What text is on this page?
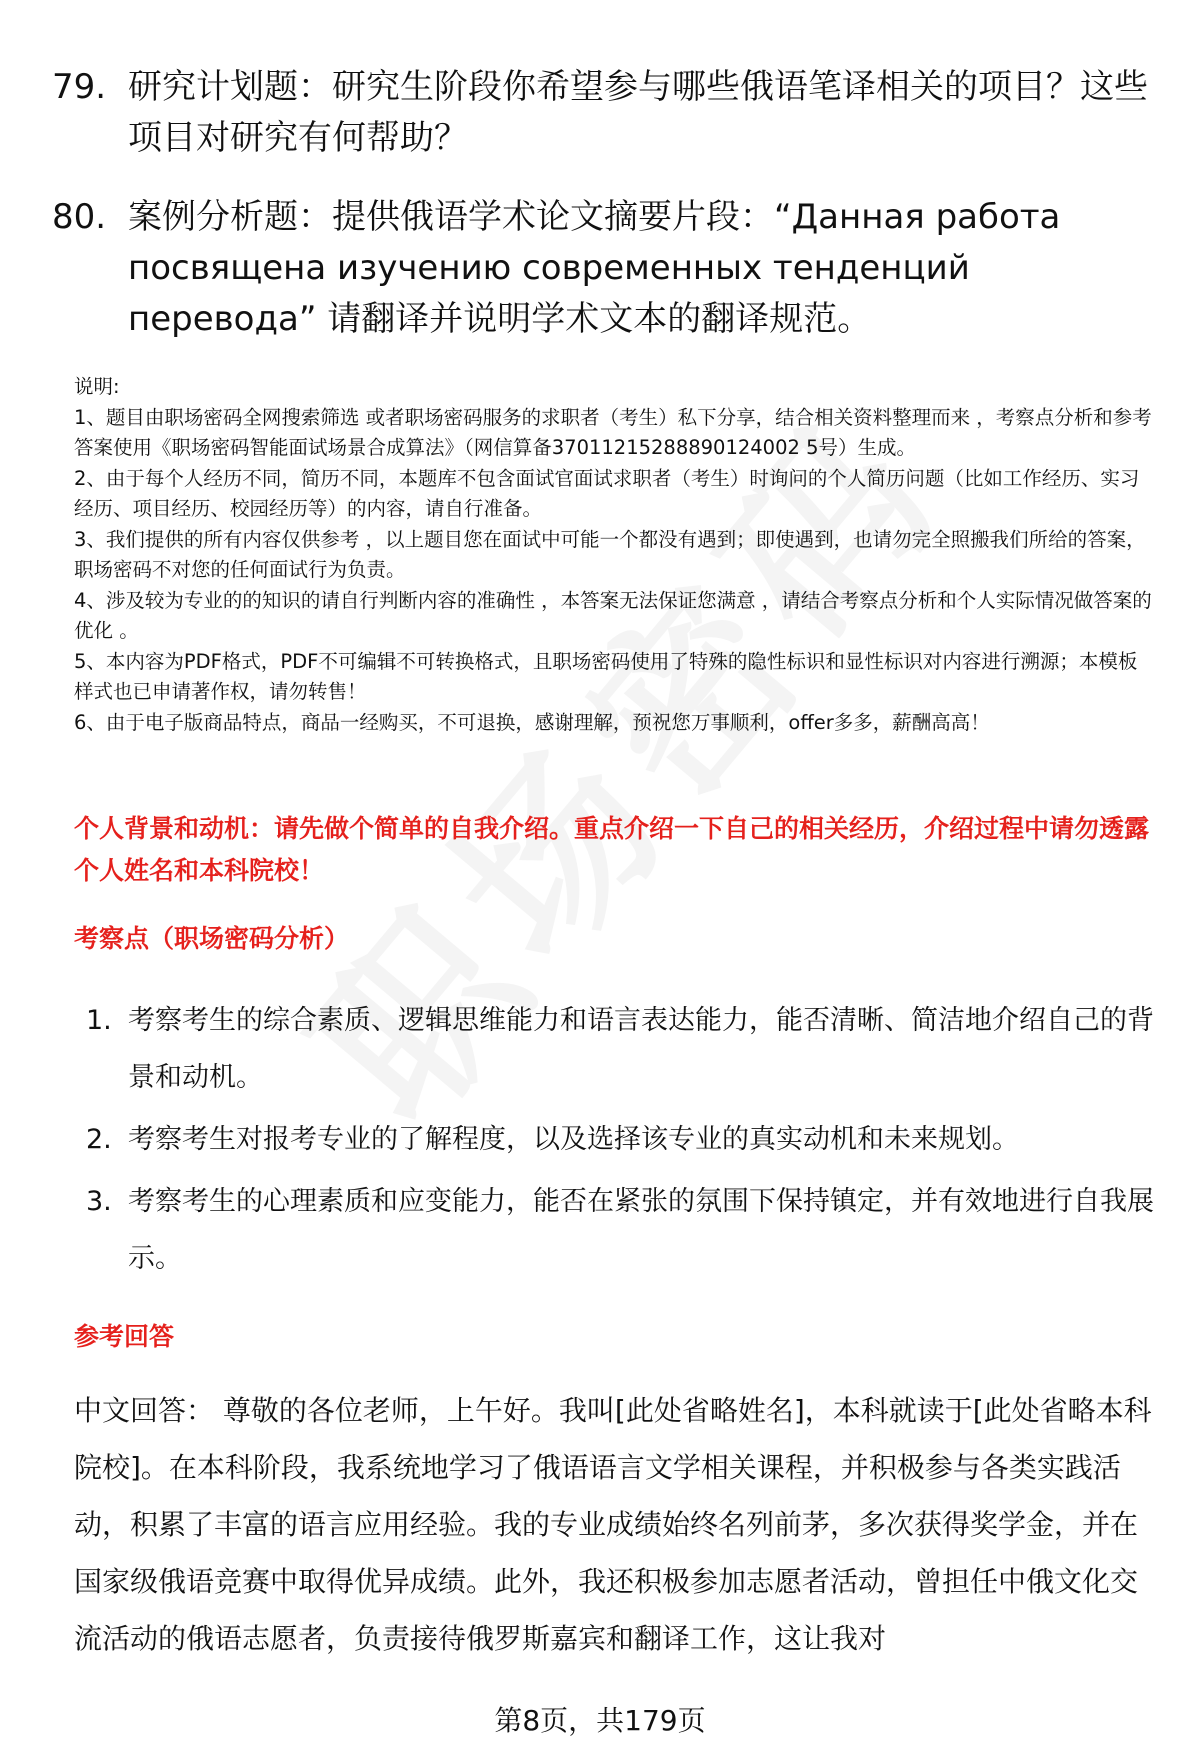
79. 研究计划题：研究生阶段你希望参与哪些俄语笔译相关的项目？这些项目对研究有何帮助？
80. 案例分析题：提供俄语学术论文摘要片段：“Данная работа посвящена изучению современных тенденций перевода” 请翻译并说明学术文本的翻译规范。

说明:

1、题目由职场密码全网搜索筛选 或者职场密码服务的求职者（考生）私下分享，结合相关资料整理而来 ，考察点分析和参考答案使用《职场密码智能面试场景合成算法》（网信算备37011215288890124002 5号）生成。

2、由于每个人经历不同，简历不同，本题库不包含面试官面试求职者（考生）时询问的个人简历问题（比如工作经历、实习经历、项目经历、校园经历等）的内容，请自行准备。

3、我们提供的所有内容仅供参考 ，以上题目您在面试中可能一个都没有遇到；即使遇到，也请勿完全照搬我们所给的答案，职场密码不对您的任何面试行为负责。

4、涉及较为专业的的知识的请自行判断内容的准确性 ，本答案无法保证您满意 ，请结合考察点分析和个人实际情况做答案的优化 。

5、本内容为PDF格式，PDF不可编辑不可转换格式，且职场密码使用了特殊的隐性标识和显性标识对内容进行溯源；本模板样式也已申请著作权，请勿转售！

6、由于电子版商品特点，商品一经购买，不可退换，感谢理解，预祝您万事顺利，offer多多，薪酬高高！

个人背景和动机：请先做个简单的自我介绍。重点介绍一下自己的相关经历，介绍过程中请勿透露个人姓名和本科院校！
考察点（职场密码分析）
1. 考察考生的综合素质、逻辑思维能力和语言表达能力，能否清晰、简洁地介绍自己的背景和动机。
2. 考察考生对报考专业的了解程度，以及选择该专业的真实动机和未来规划。
3. 考察考生的心理素质和应变能力，能否在紧张的氛围下保持镇定，并有效地进行自我展示。
参考回答
中文回答： 尊敬的各位老师，上午好。我叫[此处省略姓名]，本科就读于[此处省略本科院校]。在本科阶段，我系统地学习了俄语语言文学相关课程，并积极参与各类实践活动，积累了丰富的语言应用经验。我的专业成绩始终名列前茅，多次获得奖学金，并在国家级俄语竞赛中取得优异成绩。此外，我还积极参加志愿者活动，曾担任中俄文化交流活动的俄语志愿者，负责接待俄罗斯嘉宾和翻译工作，这让我对
第8页，共179页
